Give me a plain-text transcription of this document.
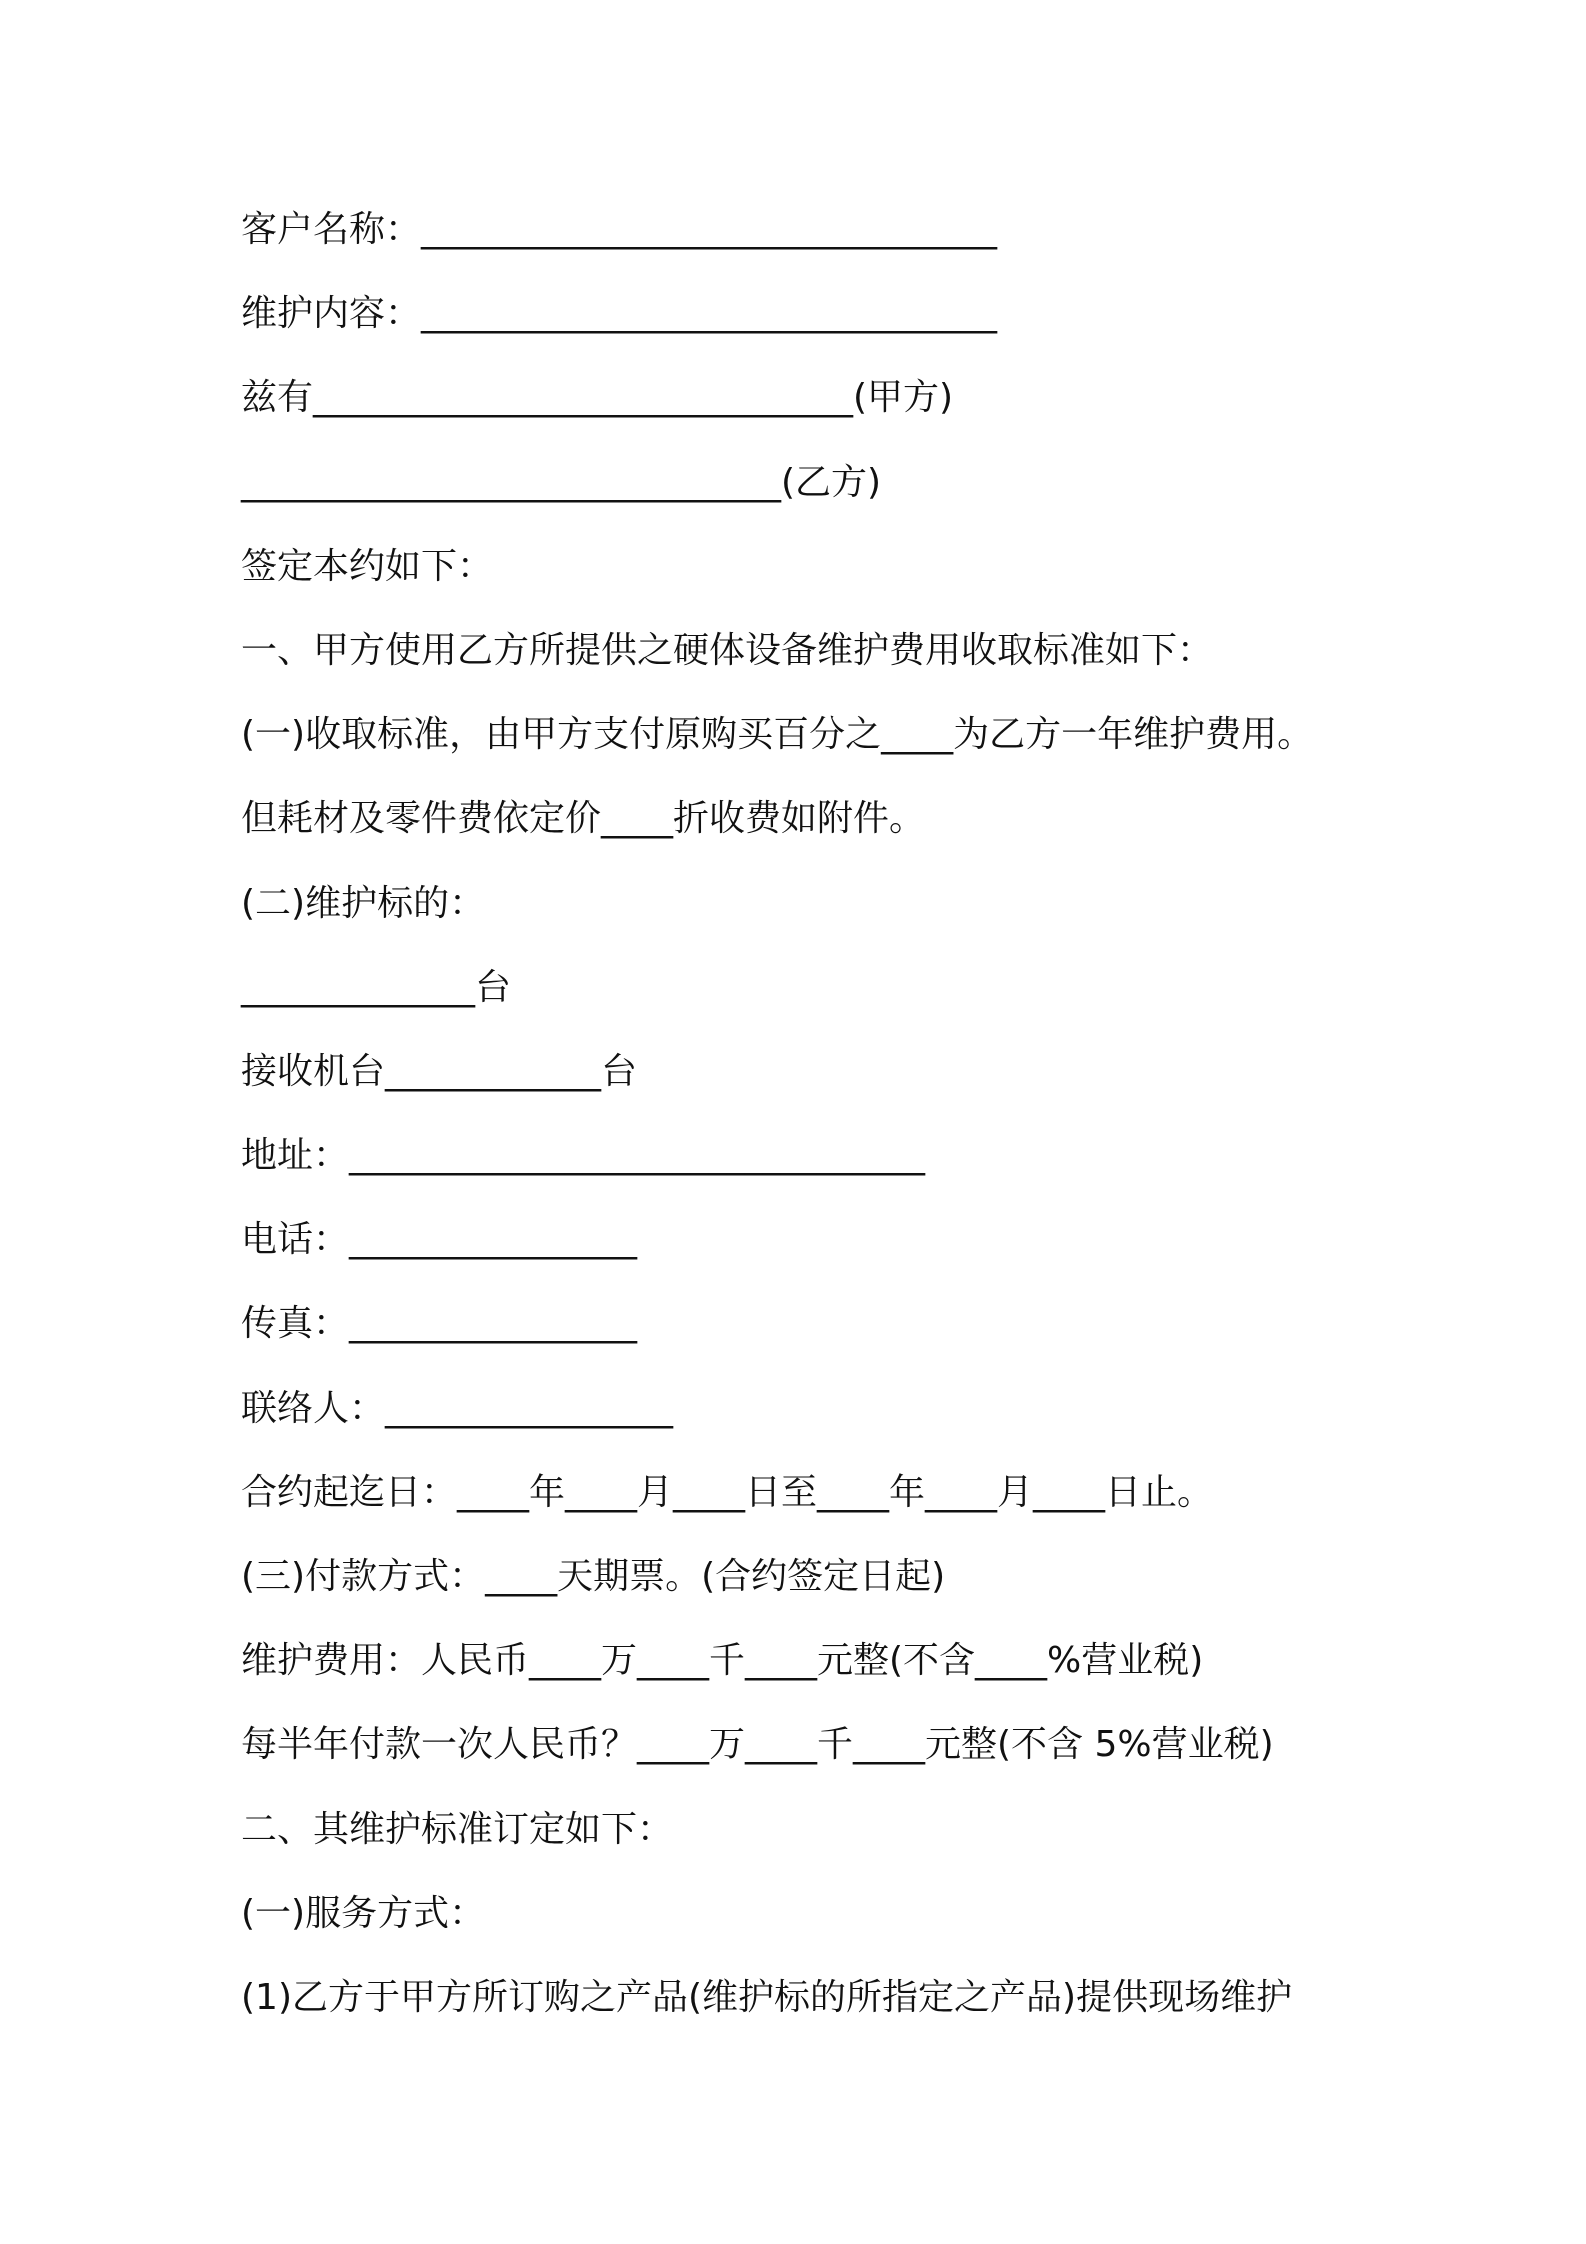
客户名称：________________________________
维护内容：________________________________
兹有______________________________(甲方)
______________________________(乙方)
签定本约如下：
一、甲方使用乙方所提供之硬体设备维护费用收取标准如下：
(一)收取标准，由甲方支付原购买百分之____为乙方一年维护费用。
但耗材及零件费依定价____折收费如附件。
(二)维护标的：
_____________台
接收机台____________台
地址：________________________________
电话：________________
传真：________________
联络人：________________
合约起迄日：____年____月____日至____年____月____日止。
(三)付款方式：____天期票。(合约签定日起)
维护费用：人民币____万____千____元整(不含____%营业税)
每半年付款一次人民币？____万____千____元整(不含 5%营业税)
二、其维护标准订定如下：
(一)服务方式：
(1)乙方于甲方所订购之产品(维护标的所指定之产品)提供现场维护
